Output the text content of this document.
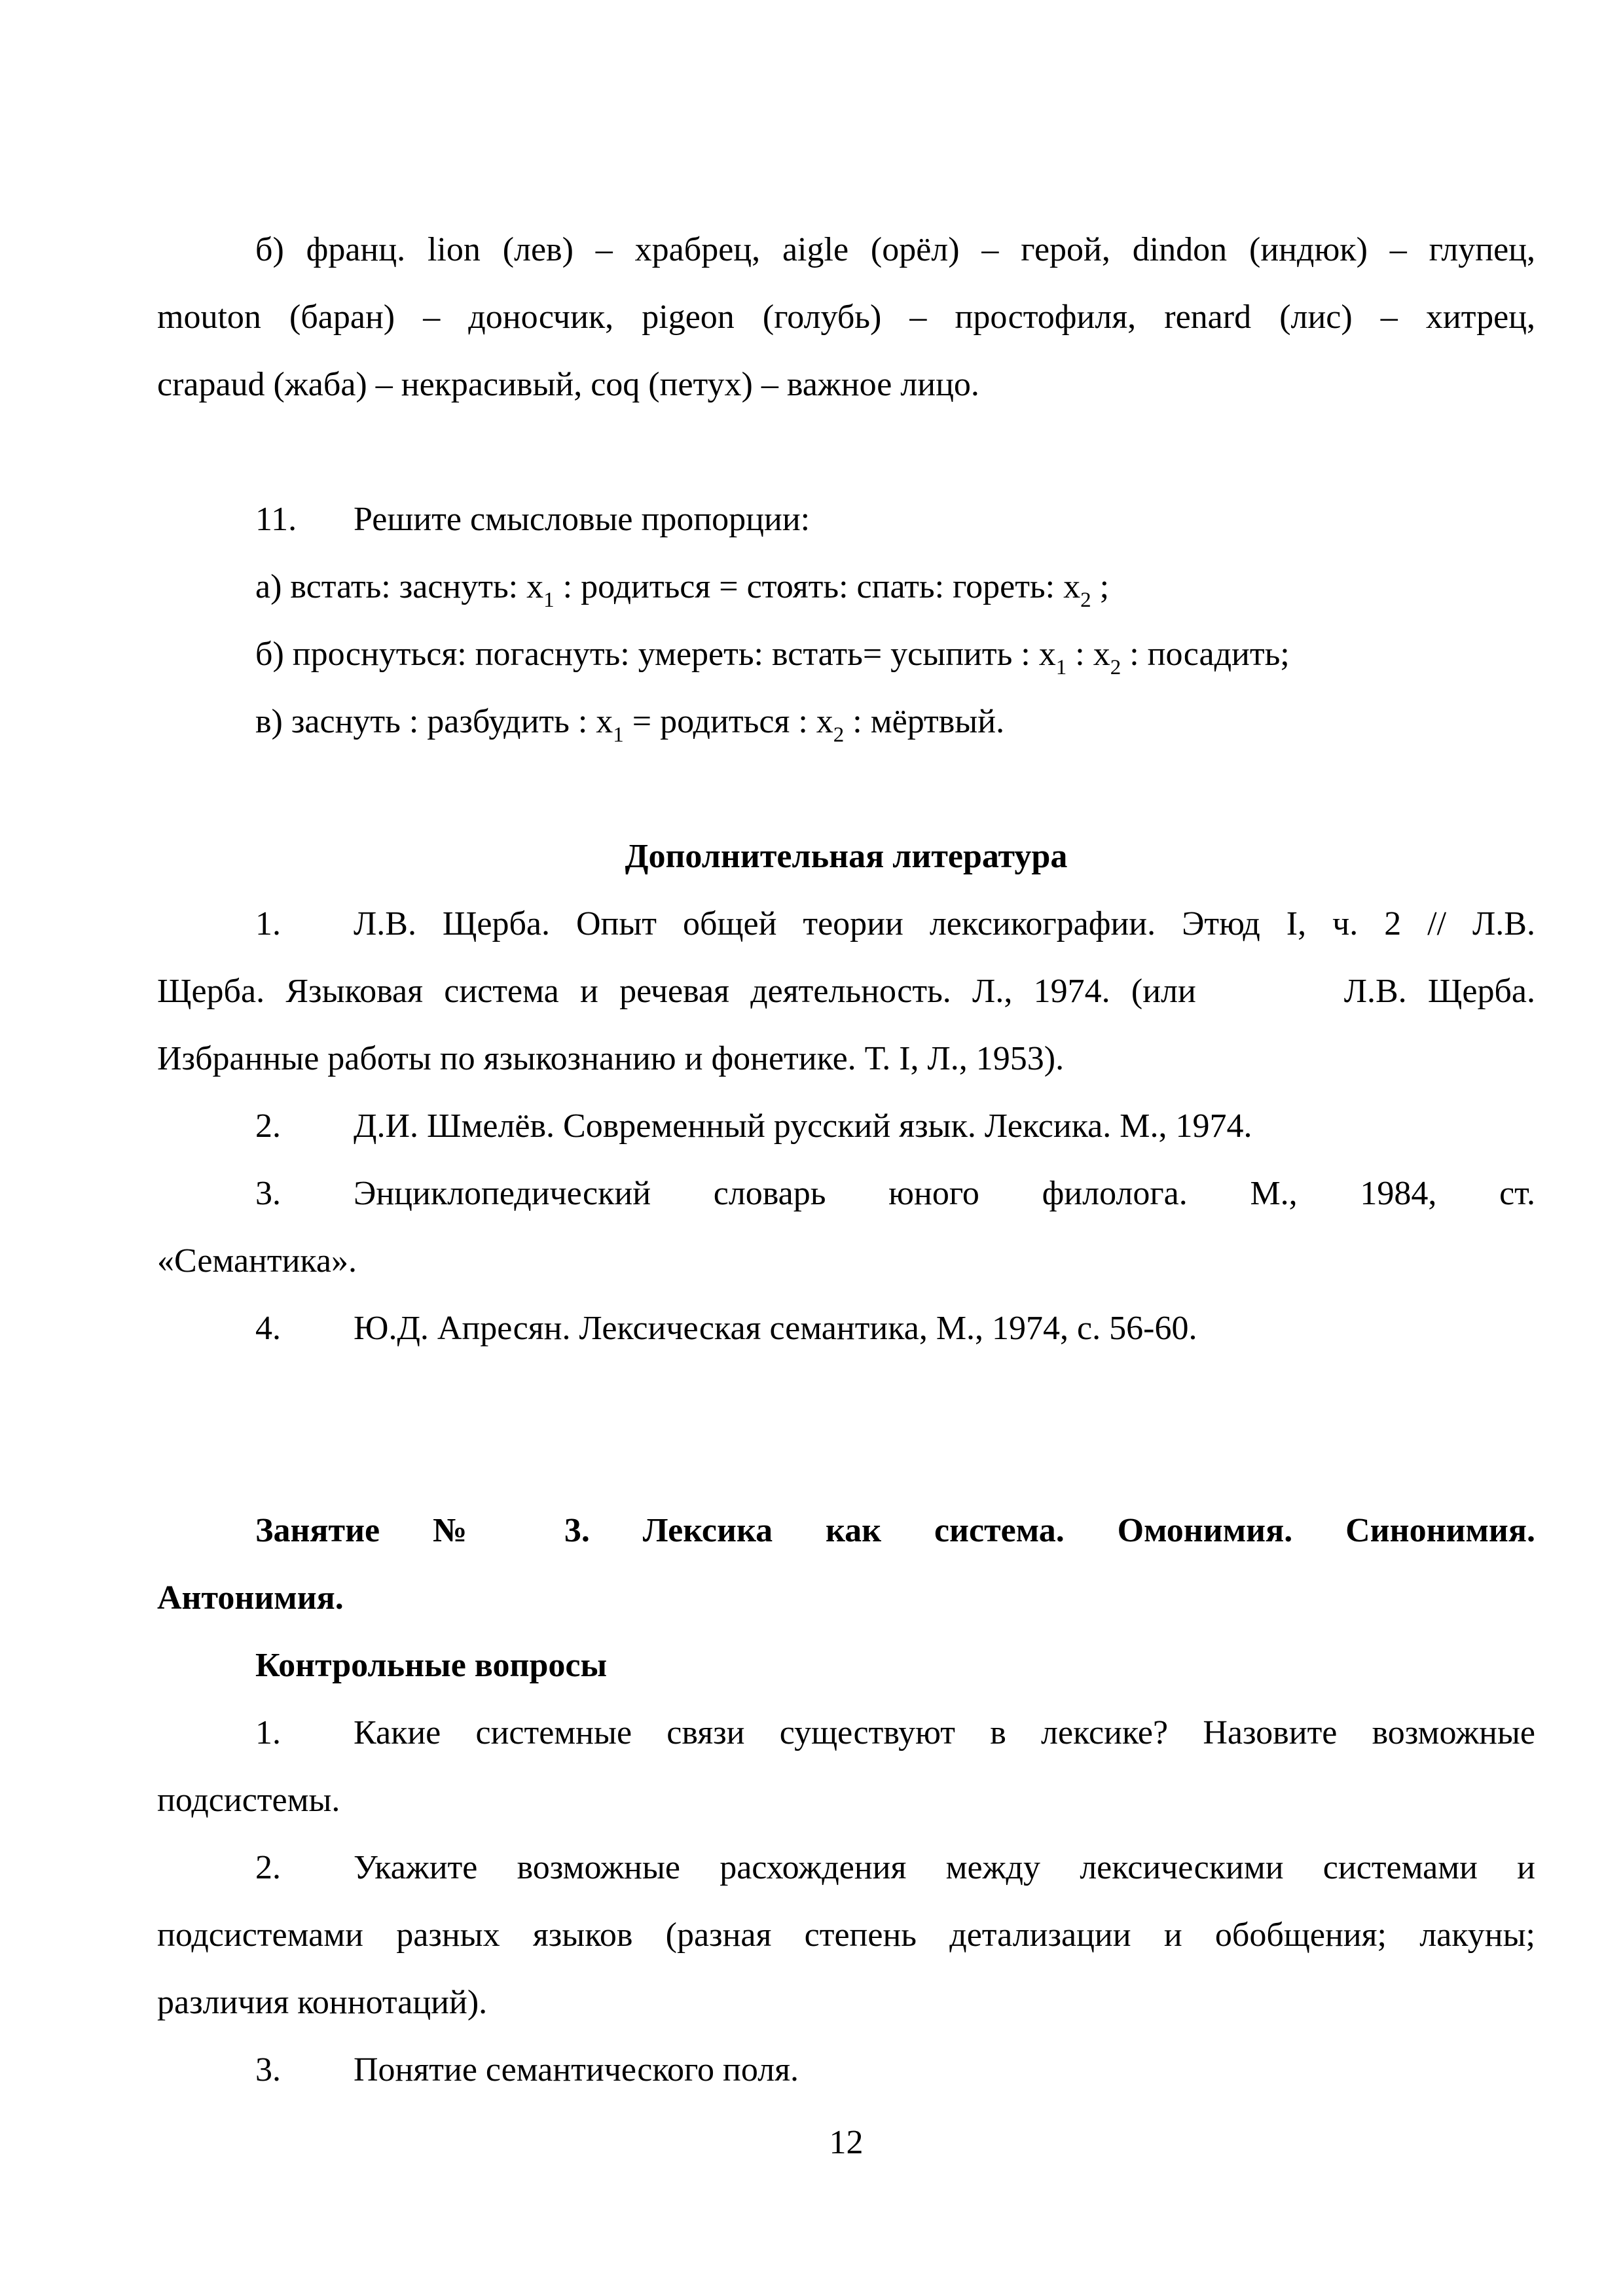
б) франц. lion (лев) – храбрец, aigle (орёл) – герой, dindon (индюк) – глупец,
mouton (баран) – доносчик, pigeon (голубь) – простофиля, renard (лис) – хитрец,
crapaud (жаба) – некрасивый, coq (петух) – важное лицо.
11. Решите смысловые пропорции:
а) встать: заснуть: $х_1$ : родиться = стоять: спать: гореть: $х_2$ ;
б) проснуться: погаснуть: умереть: встать= усыпить : $х_1$ : $х_2$ : посадить;
в) заснуть : разбудить : $х_1$ = родиться : $х_2$ : мёртвый.
Дополнительная литература
1. Л.В. Щерба. Опыт общей теории лексикографии. Этюд I, ч. 2 // Л.В.
Щерба. Языковая система и речевая деятельность. Л., 1974. (или       Л.В. Щерба.
Избранные работы по языкознанию и фонетике. Т. I, Л., 1953).
2. Д.И. Шмелёв. Современный русский язык. Лексика. М., 1974.
3. Энциклопедический словарь юного филолога. М., 1984, ст.
«Семантика».
4. Ю.Д. Апресян. Лексическая семантика, М., 1974, с. 56-60.
Занятие № 3. Лексика как система. Омонимия. Синонимия.
Антонимия.
Контрольные вопросы
1. Какие системные связи существуют в лексике? Назовите возможные
подсистемы.
2. Укажите возможные расхождения между лексическими системами и
подсистемами разных языков (разная степень детализации и обобщения; лакуны;
различия коннотаций).
3. Понятие семантического поля.
12
